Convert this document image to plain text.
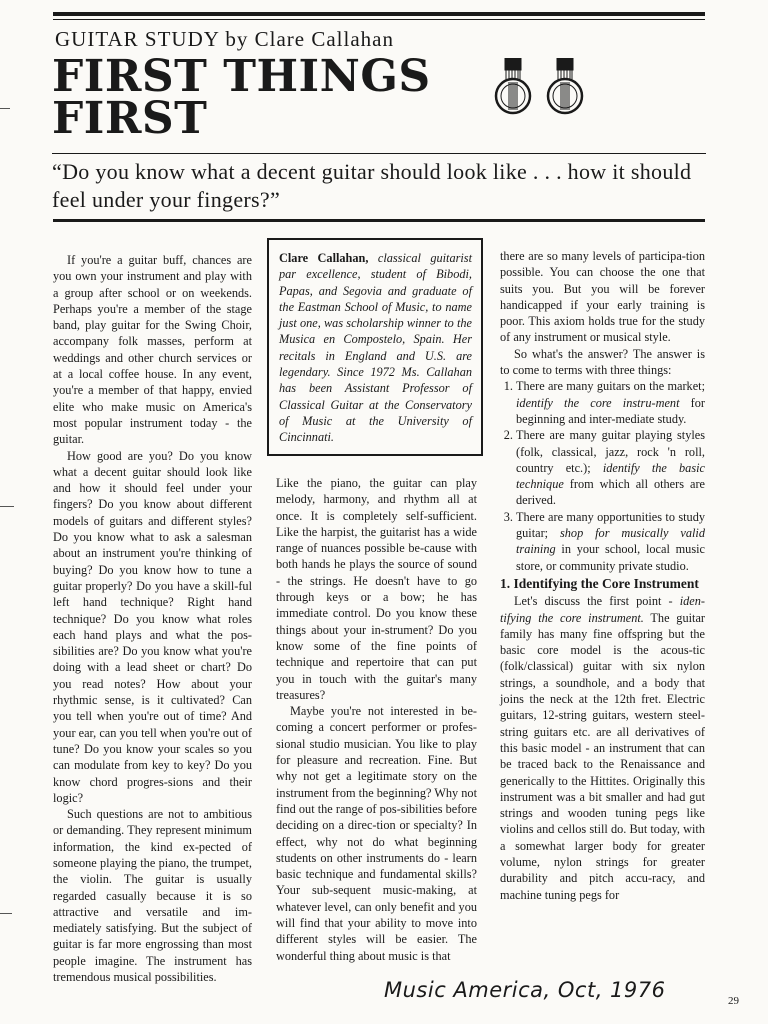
GUITAR STUDY by Clare Callahan
FIRST THINGS
FIRST
“Do you know what a decent guitar should look like . . . how it should feel under your fingers?”

If you're a guitar buff, chances are you own your instrument and play with a group after school or on weekends. Perhaps you're a member of the stage band, play guitar for the Swing Choir, accompany folk masses, perform at weddings and other church services or at a local coffee house. In any event, you're a member of that happy, envied elite who make music on America's most popular instrument today - the guitar.

How good are you? Do you know what a decent guitar should look like and how it should feel under your fingers? Do you know about different models of guitars and different styles? Do you know what to ask a salesman about an instrument you're thinking of buying? Do you know how to tune a guitar properly? Do you have a skill-ful left hand technique? Right hand technique? Do you know what roles each hand plays and what the pos-sibilities are? Do you know what you're doing with a lead sheet or chart? Do you read notes? How about your rhythmic sense, is it cultivated? Can you tell when you're out of time? And your ear, can you tell when you're out of tune? Do you know your scales so you can modulate from key to key? Do you know chord progres-sions and their logic?

Such questions are not to ambitious or demanding. They represent minimum information, the kind ex-pected of someone playing the piano, the trumpet, the violin. The guitar is usually regarded casually because it is so attractive and versatile and im-mediately satisfying. But the subject of guitar is far more engrossing than most people imagine. The instrument has tremendous musical possibilities.

Clare Callahan, classical guitarist par excellence, student of Bibodi, Papas, and Segovia and graduate of the Eastman School of Music, to name just one, was scholarship winner to the Musica en Compostelo, Spain. Her recitals in England and U.S. are legendary. Since 1972 Ms. Callahan has been Assistant Professor of Classical Guitar at the Conservatory of Music at the University of Cincinnati.

Like the piano, the guitar can play melody, harmony, and rhythm all at once. It is completely self-sufficient. Like the harpist, the guitarist has a wide range of nuances possible be-cause with both hands he plays the source of sound - the strings. He doesn't have to go through keys or a bow; he has immediate control. Do you know these things about your in-strument? Do you know some of the fine points of technique and repertoire that can put you in touch with the guitar's many treasures?

Maybe you're not interested in be-coming a concert performer or profes-sional studio musician. You like to play for pleasure and recreation. Fine. But why not get a legitimate story on the instrument from the beginning? Why not find out the range of pos-sibilities before deciding on a direc-tion or specialty? In effect, why not do what beginning students on other instruments do - learn basic technique and fundamental skills? Your sub-sequent music-making, at whatever level, can only benefit and you will find that your ability to move into different styles will be easier. The wonderful thing about music is that

there are so many levels of participa-tion possible. You can choose the one that suits you. But you will be forever handicapped if your early training is poor. This axiom holds true for the study of any instrument or musical style.

So what's the answer? The answer is to come to terms with three things:

1. There are many guitars on the market; identify the core instru-ment for beginning and inter-mediate study.
2. There are many guitar playing styles (folk, classical, jazz, rock 'n roll, country etc.); identify the basic technique from which all others are derived.
3. There are many opportunities to study guitar; shop for musically valid training in your school, local music store, or community private studio.
1. Identifying the Core Instrument

Let's discuss the first point - iden-tifying the core instrument. The guitar family has many fine offspring but the basic core model is the acous-tic (folk/classical) guitar with six nylon strings, a soundhole, and a body that joins the neck at the 12th fret. Electric guitars, 12-string guitars, western steel-string guitars etc. are all derivatives of this basic model - an instrument that can be traced back to the Renaissance and generically to the Hittites. Originally this instrument was a bit smaller and had gut strings and wooden tuning pegs like violins and cellos still do. But today, with a somewhat larger body for greater volume, nylon strings for greater durability and pitch accu-racy, and machine tuning pegs for

Music America, Oct, 1976	29
